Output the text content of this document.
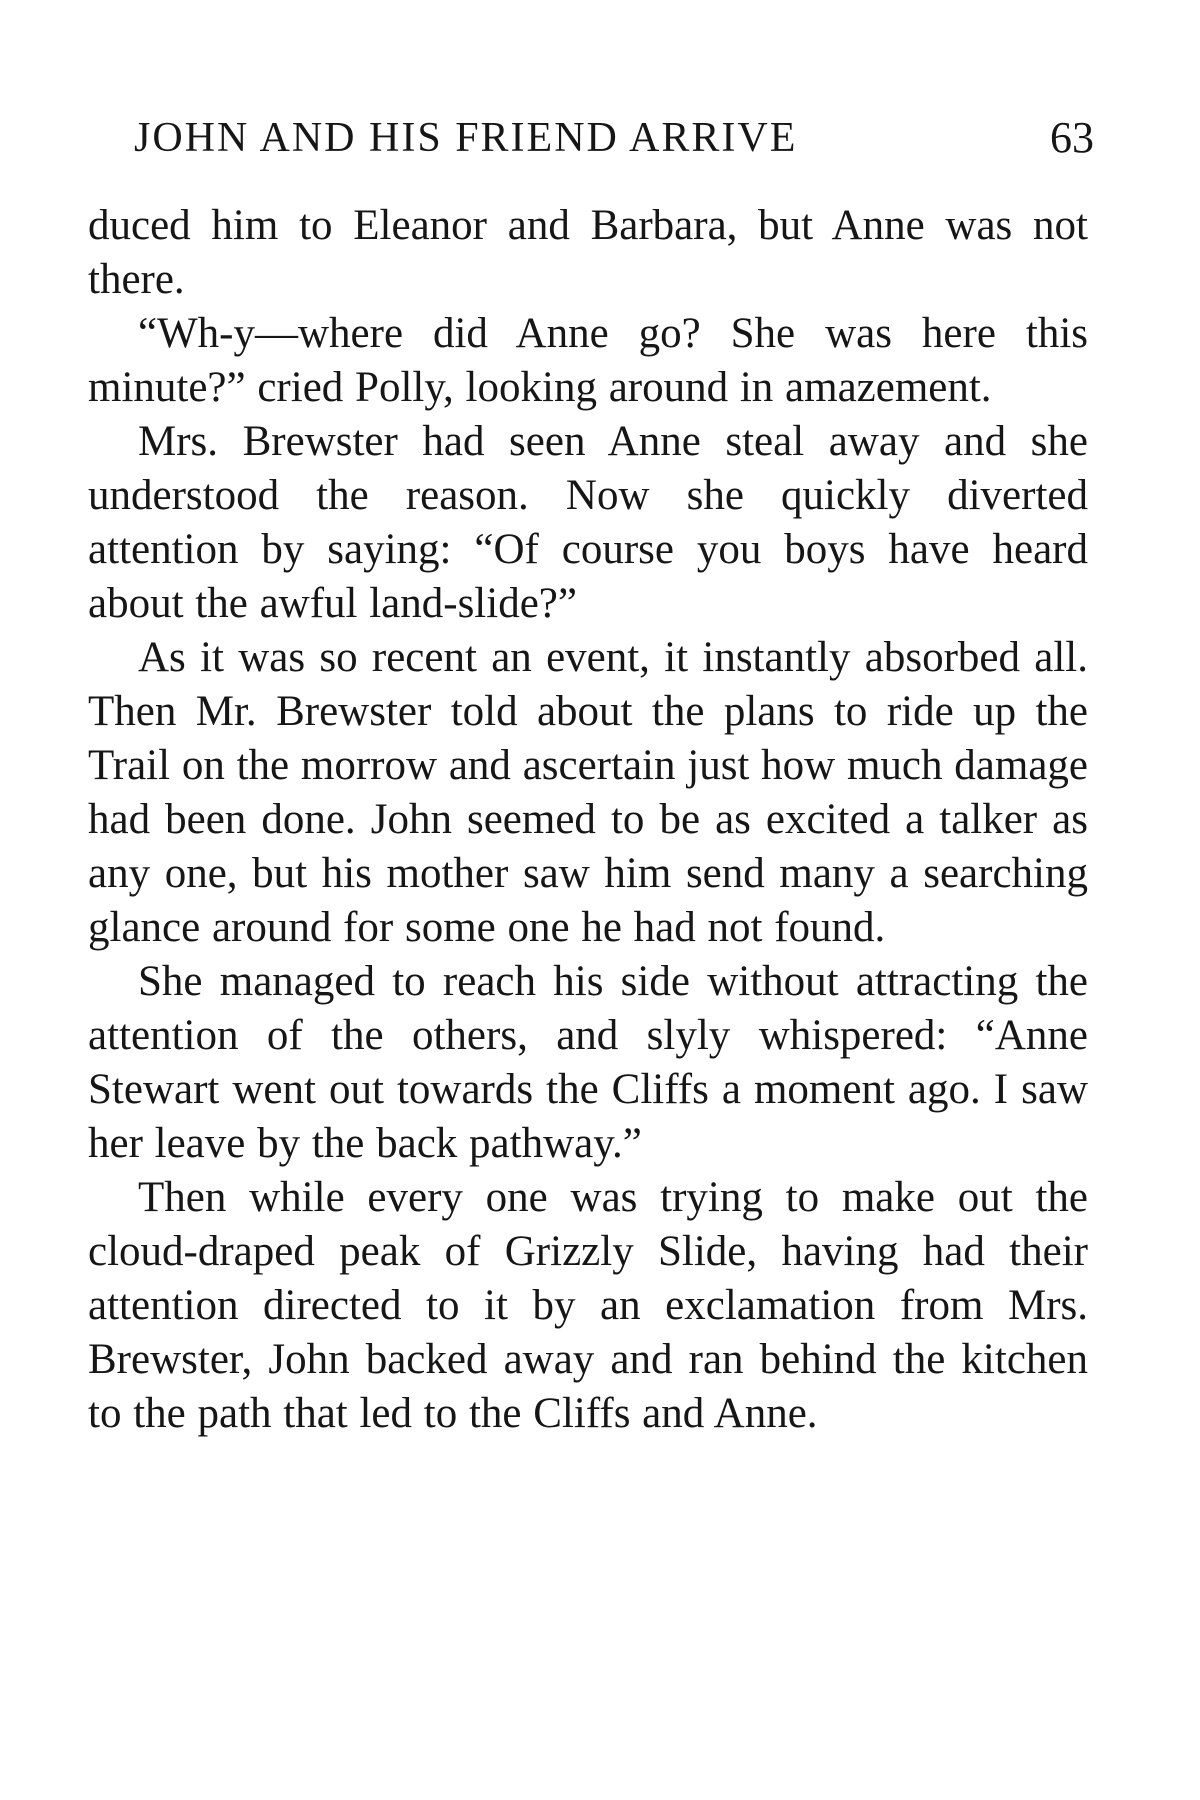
JOHN AND HIS FRIEND ARRIVE	63

duced him to Eleanor and Barbara, but Anne was not there.

“Wh-y—where did Anne go? She was here this minute?” cried Polly, looking around in amazement.

Mrs. Brewster had seen Anne steal away and she understood the reason. Now she quickly diverted attention by saying: “Of course you boys have heard about the awful land-slide?”

As it was so recent an event, it instantly absorbed all. Then Mr. Brewster told about the plans to ride up the Trail on the morrow and ascertain just how much damage had been done. John seemed to be as excited a talker as any one, but his mother saw him send many a searching glance around for some one he had not found.

She managed to reach his side without attracting the attention of the others, and slyly whispered: “Anne Stewart went out towards the Cliffs a moment ago. I saw her leave by the back pathway.”

Then while every one was trying to make out the cloud-draped peak of Grizzly Slide, having had their attention directed to it by an exclamation from Mrs. Brewster, John backed away and ran behind the kitchen to the path that led to the Cliffs and Anne.
